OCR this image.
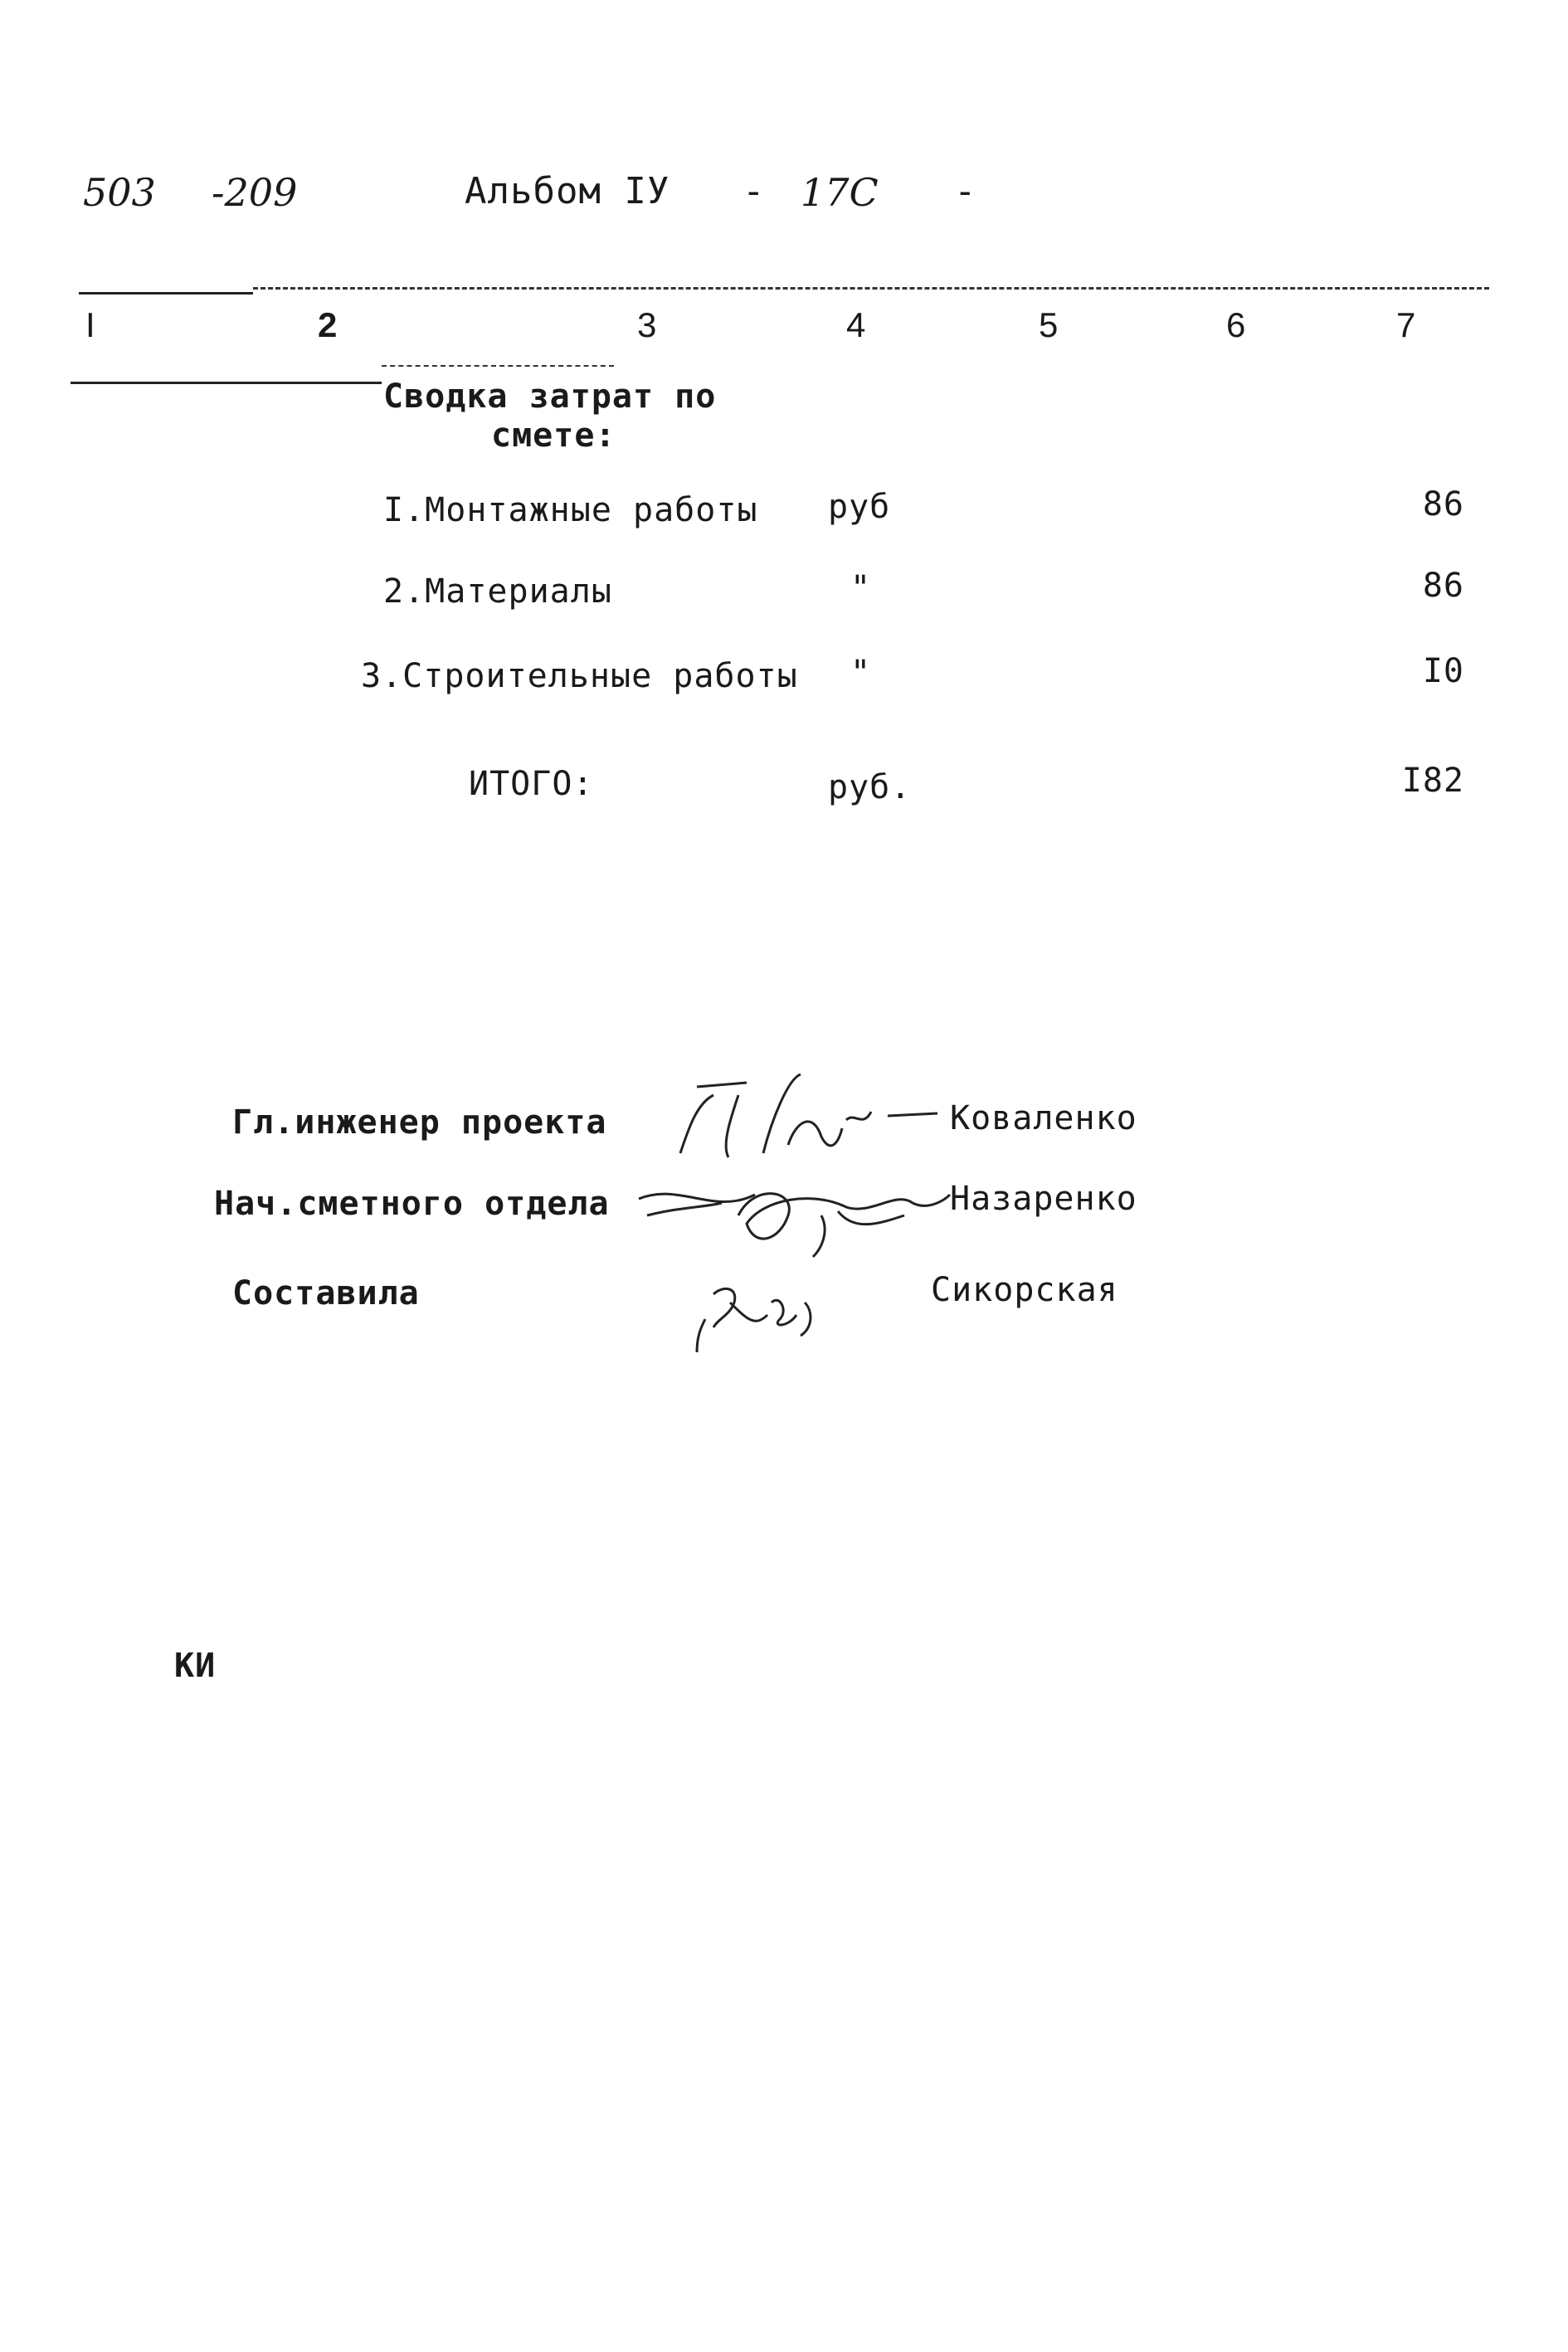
503 -209	Альбом IУ - 17С -
I	2	3	4	5	6	7
Сводка затрат по
смете:
I.Монтажные работы руб	86
2.Материалы	"	86
3.Строительные работы "	I0
ИТОГО:	руб.	I82
Гл.инженер проекта	Коваленко
Нач.сметного отдела	Назаренко
Составила	Сикорская
КИ
